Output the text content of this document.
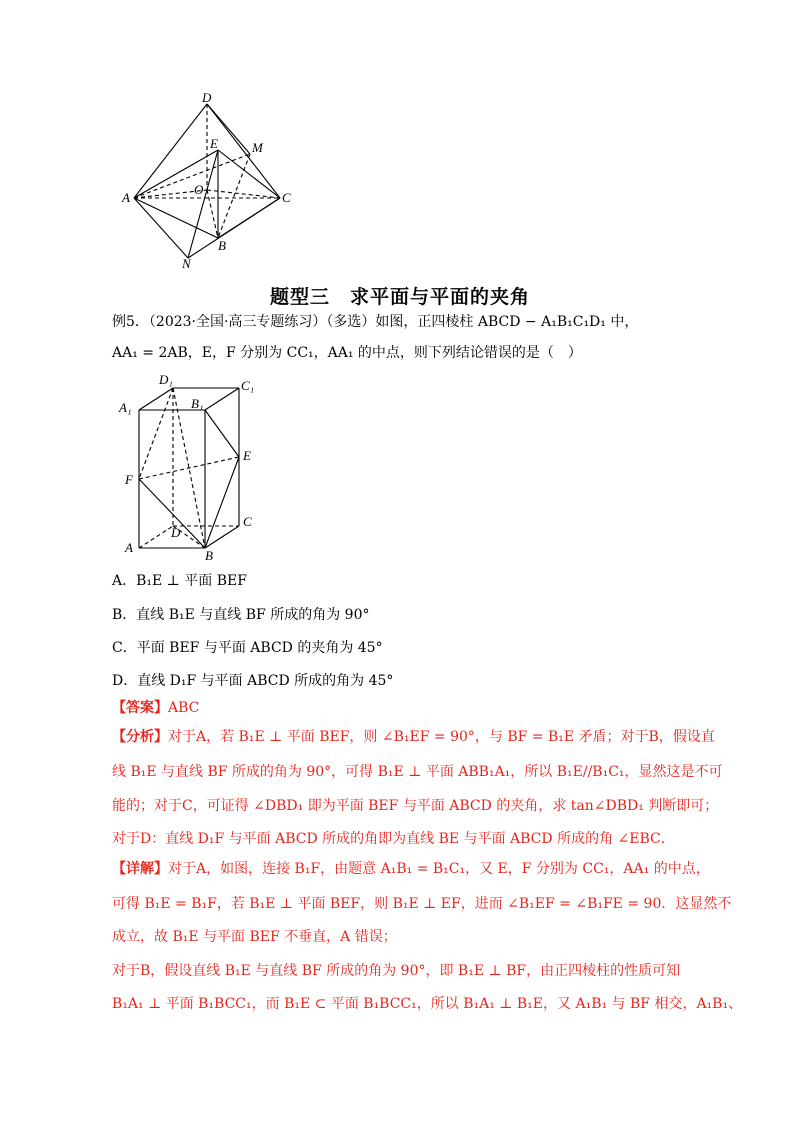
D
E	M
A
O
C
B
N
题型三　求平面与平面的夹角
例5．（2023·全国·高三专题练习）（多选）如图，正四棱柱 ABCD − A₁B₁C₁D₁ 中，
AA₁ = 2AB，E，F 分别为 CC₁，AA₁ 的中点，则下列结论错误的是（　）
D₁	C₁
A₁	B₁
E
F
C
D
A
B
A．B₁E ⊥ 平面 BEF
B．直线 B₁E 与直线 BF 所成的角为 90°
C．平面 BEF 与平面 ABCD 的夹角为 45°
D．直线 D₁F 与平面 ABCD 所成的角为 45°
【答案】ABC
【分析】对于A，若 B₁E ⊥ 平面 BEF，则 ∠B₁EF = 90°，与 BF = B₁E 矛盾；对于B，假设直
线 B₁E 与直线 BF 所成的角为 90°，可得 B₁E ⊥ 平面 ABB₁A₁，所以 B₁E//B₁C₁，显然这是不可
能的；对于C，可证得 ∠DBD₁ 即为平面 BEF 与平面 ABCD 的夹角，求 tan∠DBD₁ 判断即可；
对于D：直线 D₁F 与平面 ABCD 所成的角即为直线 BE 与平面 ABCD 所成的角 ∠EBC．
【详解】对于A，如图，连接 B₁F，由题意 A₁B₁ = B₁C₁，又 E，F 分别为 CC₁，AA₁ 的中点，
可得 B₁E = B₁F，若 B₁E ⊥ 平面 BEF，则 B₁E ⊥ EF，进而 ∠B₁EF = ∠B₁FE = 90．这显然不
成立，故 B₁E 与平面 BEF 不垂直，A 错误；
对于B，假设直线 B₁E 与直线 BF 所成的角为 90°，即 B₁E ⊥ BF，由正四棱柱的性质可知
B₁A₁ ⊥ 平面 B₁BCC₁，而 B₁E ⊂ 平面 B₁BCC₁，所以 B₁A₁ ⊥ B₁E，又 A₁B₁ 与 BF 相交，A₁B₁、
